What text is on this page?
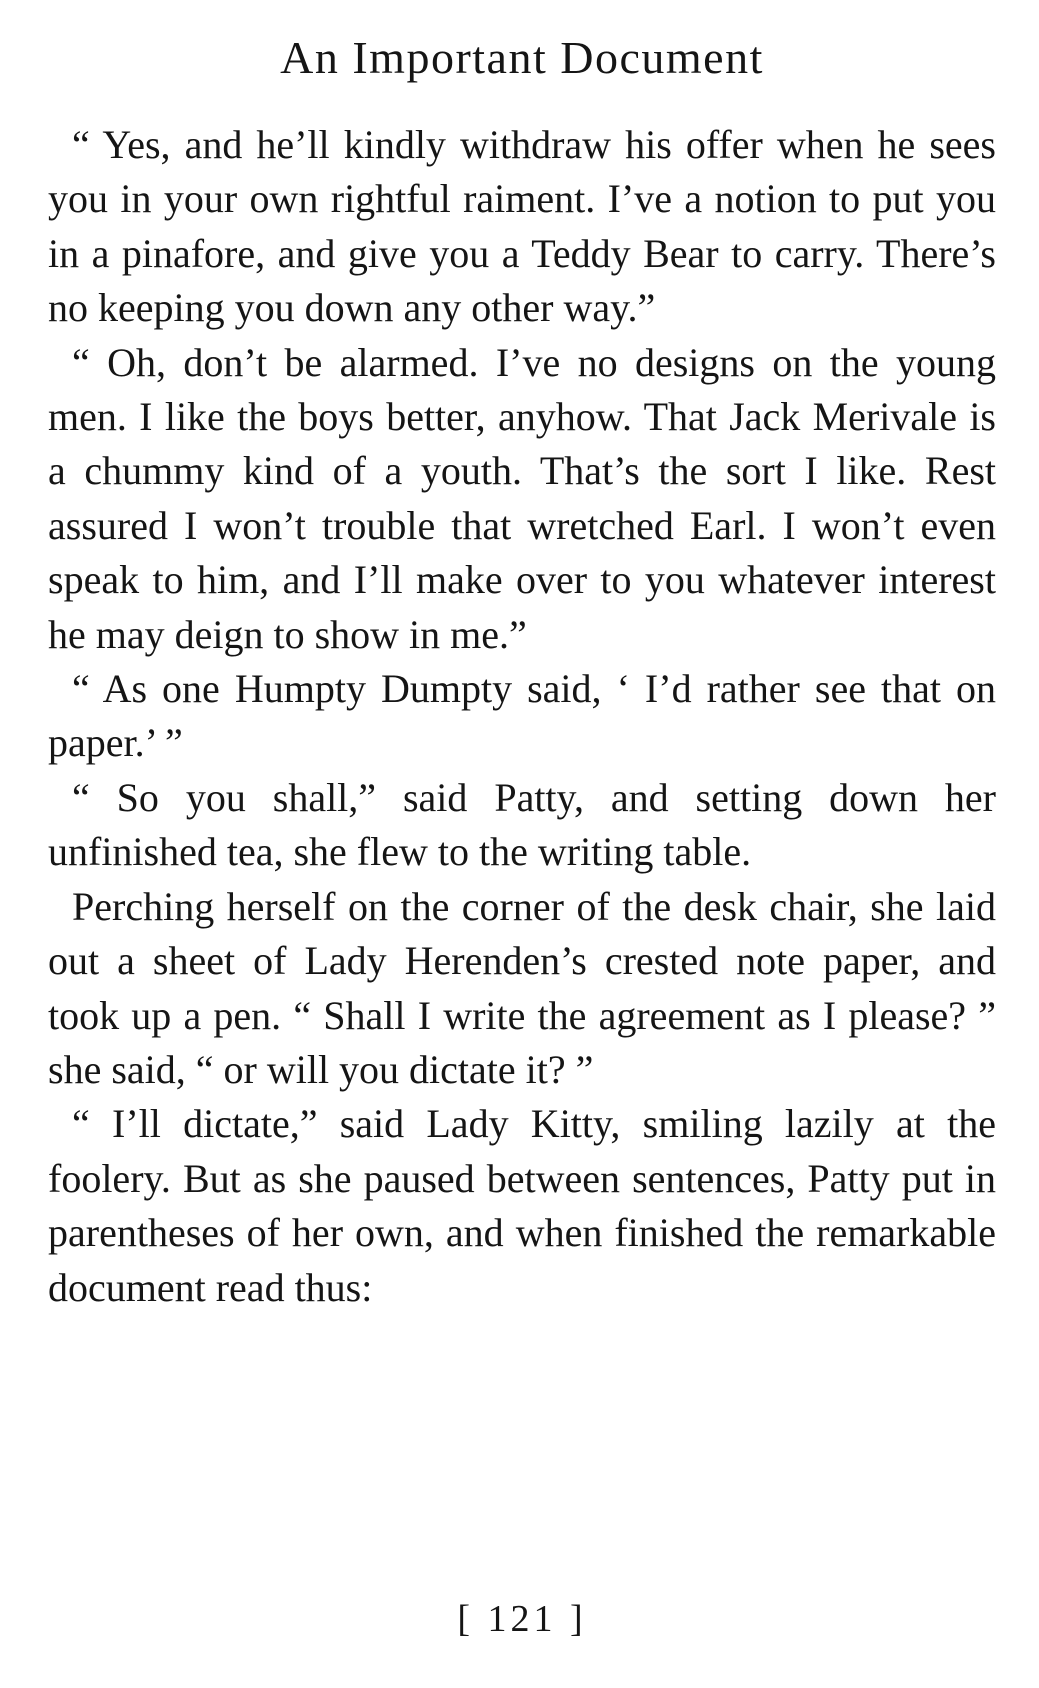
An Important Document

“ Yes, and he’ll kindly withdraw his offer when he sees you in your own rightful raiment. I’ve a notion to put you in a pinafore, and give you a Teddy Bear to carry. There’s no keeping you down any other way.”

“ Oh, don’t be alarmed. I’ve no designs on the young men. I like the boys better, anyhow. That Jack Merivale is a chummy kind of a youth. That’s the sort I like. Rest assured I won’t trouble that wretched Earl. I won’t even speak to him, and I’ll make over to you whatever interest he may deign to show in me.”

“ As one Humpty Dumpty said, ‘ I’d rather see that on paper.’ ”

“ So you shall,” said Patty, and setting down her unfinished tea, she flew to the writing table.

Perching herself on the corner of the desk chair, she laid out a sheet of Lady Herenden’s crested note paper, and took up a pen. “ Shall I write the agreement as I please? ” she said, “ or will you dictate it? ”

“ I’ll dictate,” said Lady Kitty, smiling lazily at the foolery. But as she paused between sentences, Patty put in parentheses of her own, and when finished the remarkable document read thus:

[ 121 ]
